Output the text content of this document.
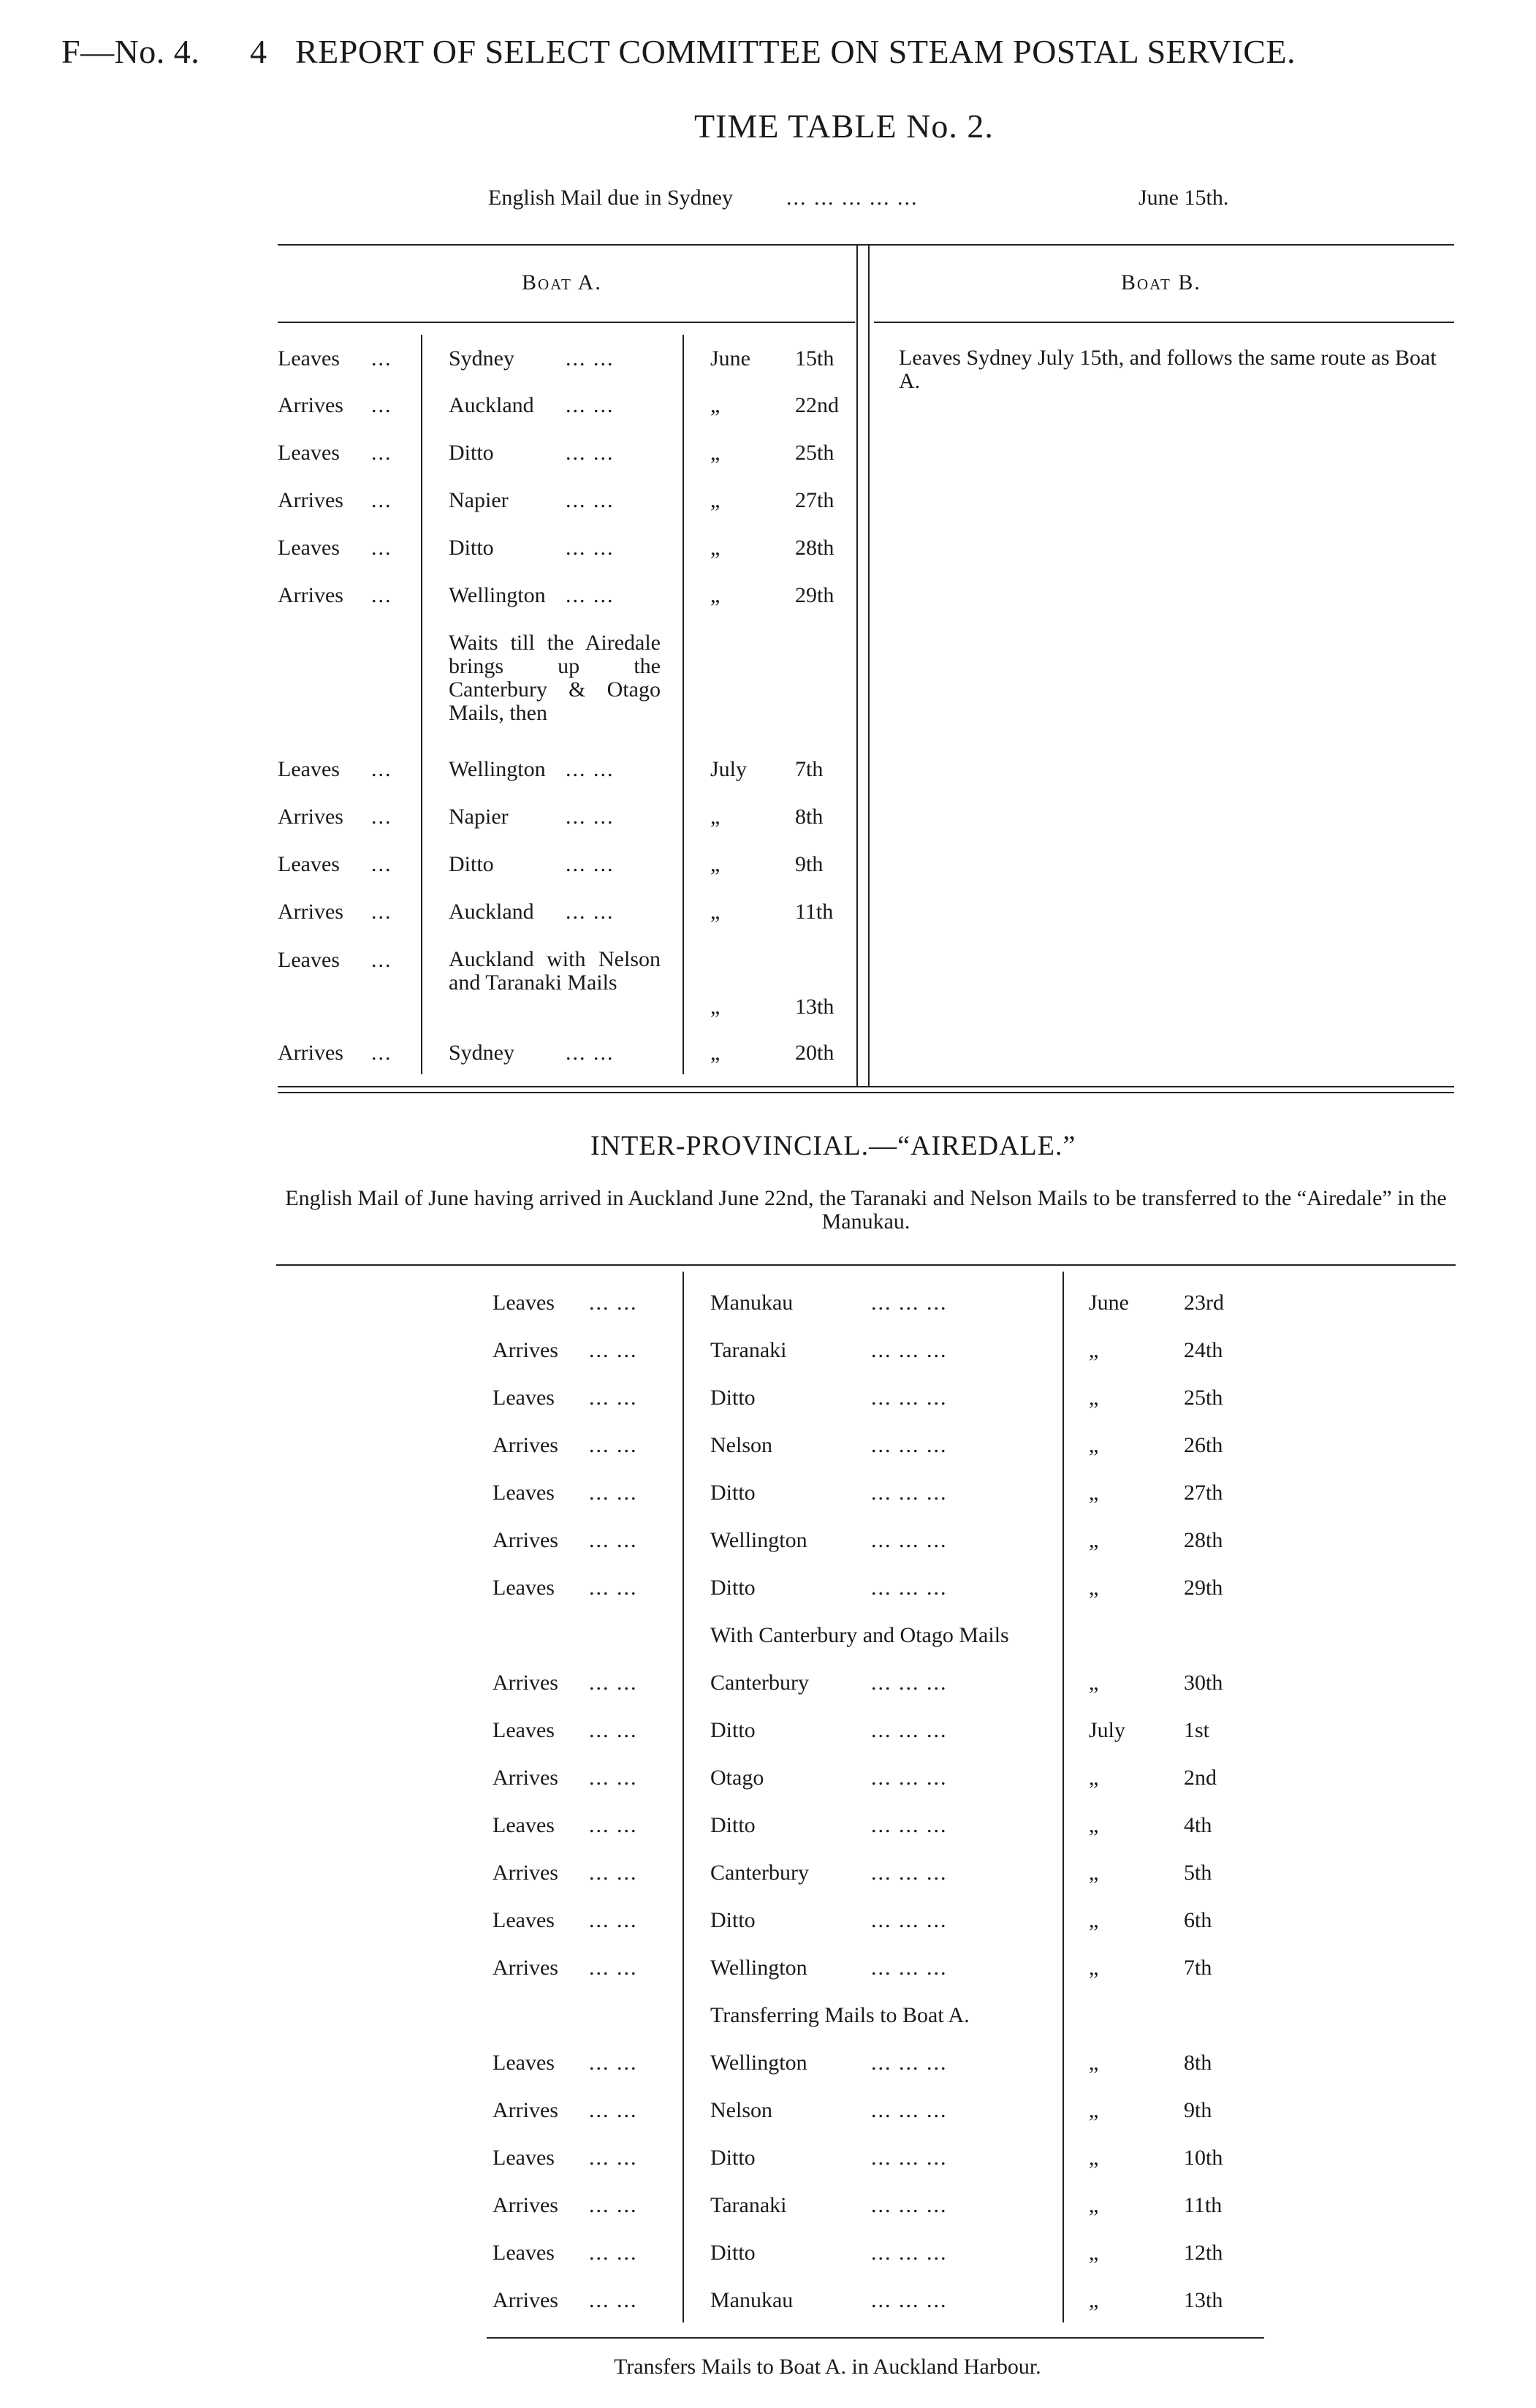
F—No. 4. 4 REPORT OF SELECT COMMITTEE ON STEAM POSTAL SERVICE.
TIME TABLE No. 2.
English Mail due in Sydney ... ... ... ... ...	June 15th.
Boat A.	Boat B.
Leaves Sydney July 15th, and follows the same route as Boat A.
Leaves ...	Sydney ... ...	June 15th
Arrives ...	Auckland ... ...	„	22nd
Leaves ...	Ditto	... ...	„	25th
Arrives ...	Napier	... ...	„	27th
Leaves ...	Ditto	... ...	„	28th
Arrives ...	Wellington ... ...	„	29th
Waits till the Airedale brings up the Canterbury & Otago Mails, then
Leaves ...	Wellington ... ...	July 7th
Arrives ...	Napier	... ...	„	8th
Leaves ...	Ditto	... ...	„	9th
Arrives ...	Auckland ... ...	„	11th
Leaves ...	Auckland with Nelson and Taranaki Mails
„	13th
Arrives ...	Sydney ... ...	„	20th
INTER-PROVINCIAL.—“AIREDALE.”
English Mail of June having arrived in Auckland June 22nd, the Taranaki and Nelson Mails to be transferred to the “Airedale” in the Manukau.
Leaves ... ...	Manukau	... ... ...	June	23rd
Arrives ... ...	Taranaki	... ... ...	„	24th
Leaves ... ...	Ditto	... ... ...	„	25th
Arrives ... ...	Nelson	... ... ...	„	26th
Leaves ... ...	Ditto	... ... ...	„	27th
Arrives ... ...	Wellington	... ... ...	„	28th
Leaves ... ...	Ditto	... ... ...	„	29th
With Canterbury and Otago Mails
Arrives ... ...	Canterbury	... ... ...	„	30th
Leaves ... ...	Ditto	... ... ...	July	1st
Arrives ... ...	Otago	... ... ...	„	2nd
Leaves ... ...	Ditto	... ... ...	„	4th
Arrives ... ...	Canterbury	... ... ...	„	5th
Leaves ... ...	Ditto	... ... ...	„	6th
Arrives ... ...	Wellington	... ... ...	„	7th
Transferring Mails to Boat A.
Leaves ... ...	Wellington	... ... ...	„	8th
Arrives ... ...	Nelson	... ... ...	„	9th
Leaves ... ...	Ditto	... ... ...	„	10th
Arrives ... ...	Taranaki	... ... ...	„	11th
Leaves ... ...	Ditto	... ... ...	„	12th
Arrives ... ...	Manukau	... ... ...	„	13th
Transfers Mails to Boat A. in Auckland Harbour.
